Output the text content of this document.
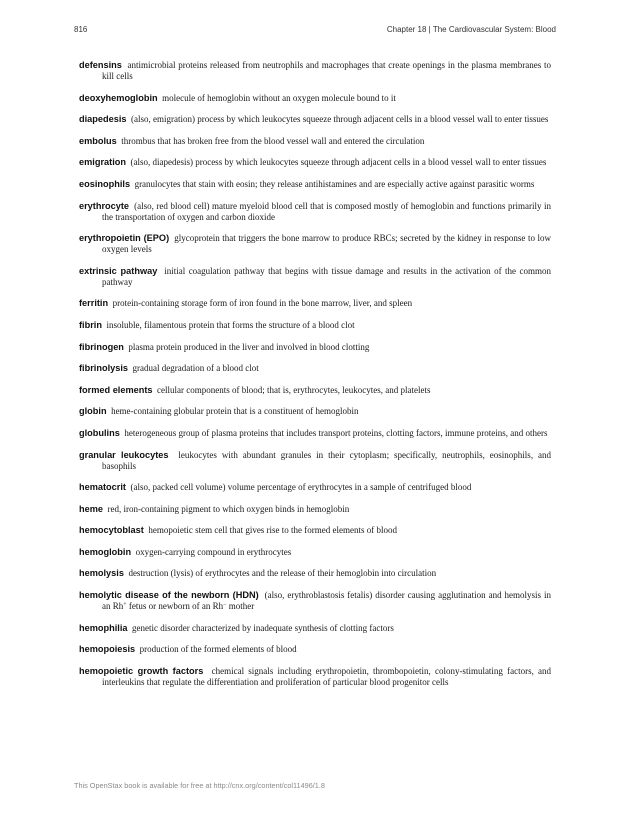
816	Chapter 18 | The Cardiovascular System: Blood

defensins antimicrobial proteins released from neutrophils and macrophages that create openings in the plasma membranes to kill cells

deoxyhemoglobin molecule of hemoglobin without an oxygen molecule bound to it

diapedesis (also, emigration) process by which leukocytes squeeze through adjacent cells in a blood vessel wall to enter tissues

embolus thrombus that has broken free from the blood vessel wall and entered the circulation

emigration (also, diapedesis) process by which leukocytes squeeze through adjacent cells in a blood vessel wall to enter tissues

eosinophils granulocytes that stain with eosin; they release antihistamines and are especially active against parasitic worms

erythrocyte (also, red blood cell) mature myeloid blood cell that is composed mostly of hemoglobin and functions primarily in the transportation of oxygen and carbon dioxide

erythropoietin (EPO) glycoprotein that triggers the bone marrow to produce RBCs; secreted by the kidney in response to low oxygen levels

extrinsic pathway initial coagulation pathway that begins with tissue damage and results in the activation of the common pathway

ferritin protein-containing storage form of iron found in the bone marrow, liver, and spleen

fibrin insoluble, filamentous protein that forms the structure of a blood clot

fibrinogen plasma protein produced in the liver and involved in blood clotting

fibrinolysis gradual degradation of a blood clot

formed elements cellular components of blood; that is, erythrocytes, leukocytes, and platelets

globin heme-containing globular protein that is a constituent of hemoglobin

globulins heterogeneous group of plasma proteins that includes transport proteins, clotting factors, immune proteins, and others

granular leukocytes leukocytes with abundant granules in their cytoplasm; specifically, neutrophils, eosinophils, and basophils

hematocrit (also, packed cell volume) volume percentage of erythrocytes in a sample of centrifuged blood

heme red, iron-containing pigment to which oxygen binds in hemoglobin

hemocytoblast hemopoietic stem cell that gives rise to the formed elements of blood

hemoglobin oxygen-carrying compound in erythrocytes

hemolysis destruction (lysis) of erythrocytes and the release of their hemoglobin into circulation

hemolytic disease of the newborn (HDN) (also, erythroblastosis fetalis) disorder causing agglutination and hemolysis in an Rh+ fetus or newborn of an Rh− mother

hemophilia genetic disorder characterized by inadequate synthesis of clotting factors

hemopoiesis production of the formed elements of blood

hemopoietic growth factors chemical signals including erythropoietin, thrombopoietin, colony-stimulating factors, and interleukins that regulate the differentiation and proliferation of particular blood progenitor cells

This OpenStax book is available for free at http://cnx.org/content/col11496/1.8
